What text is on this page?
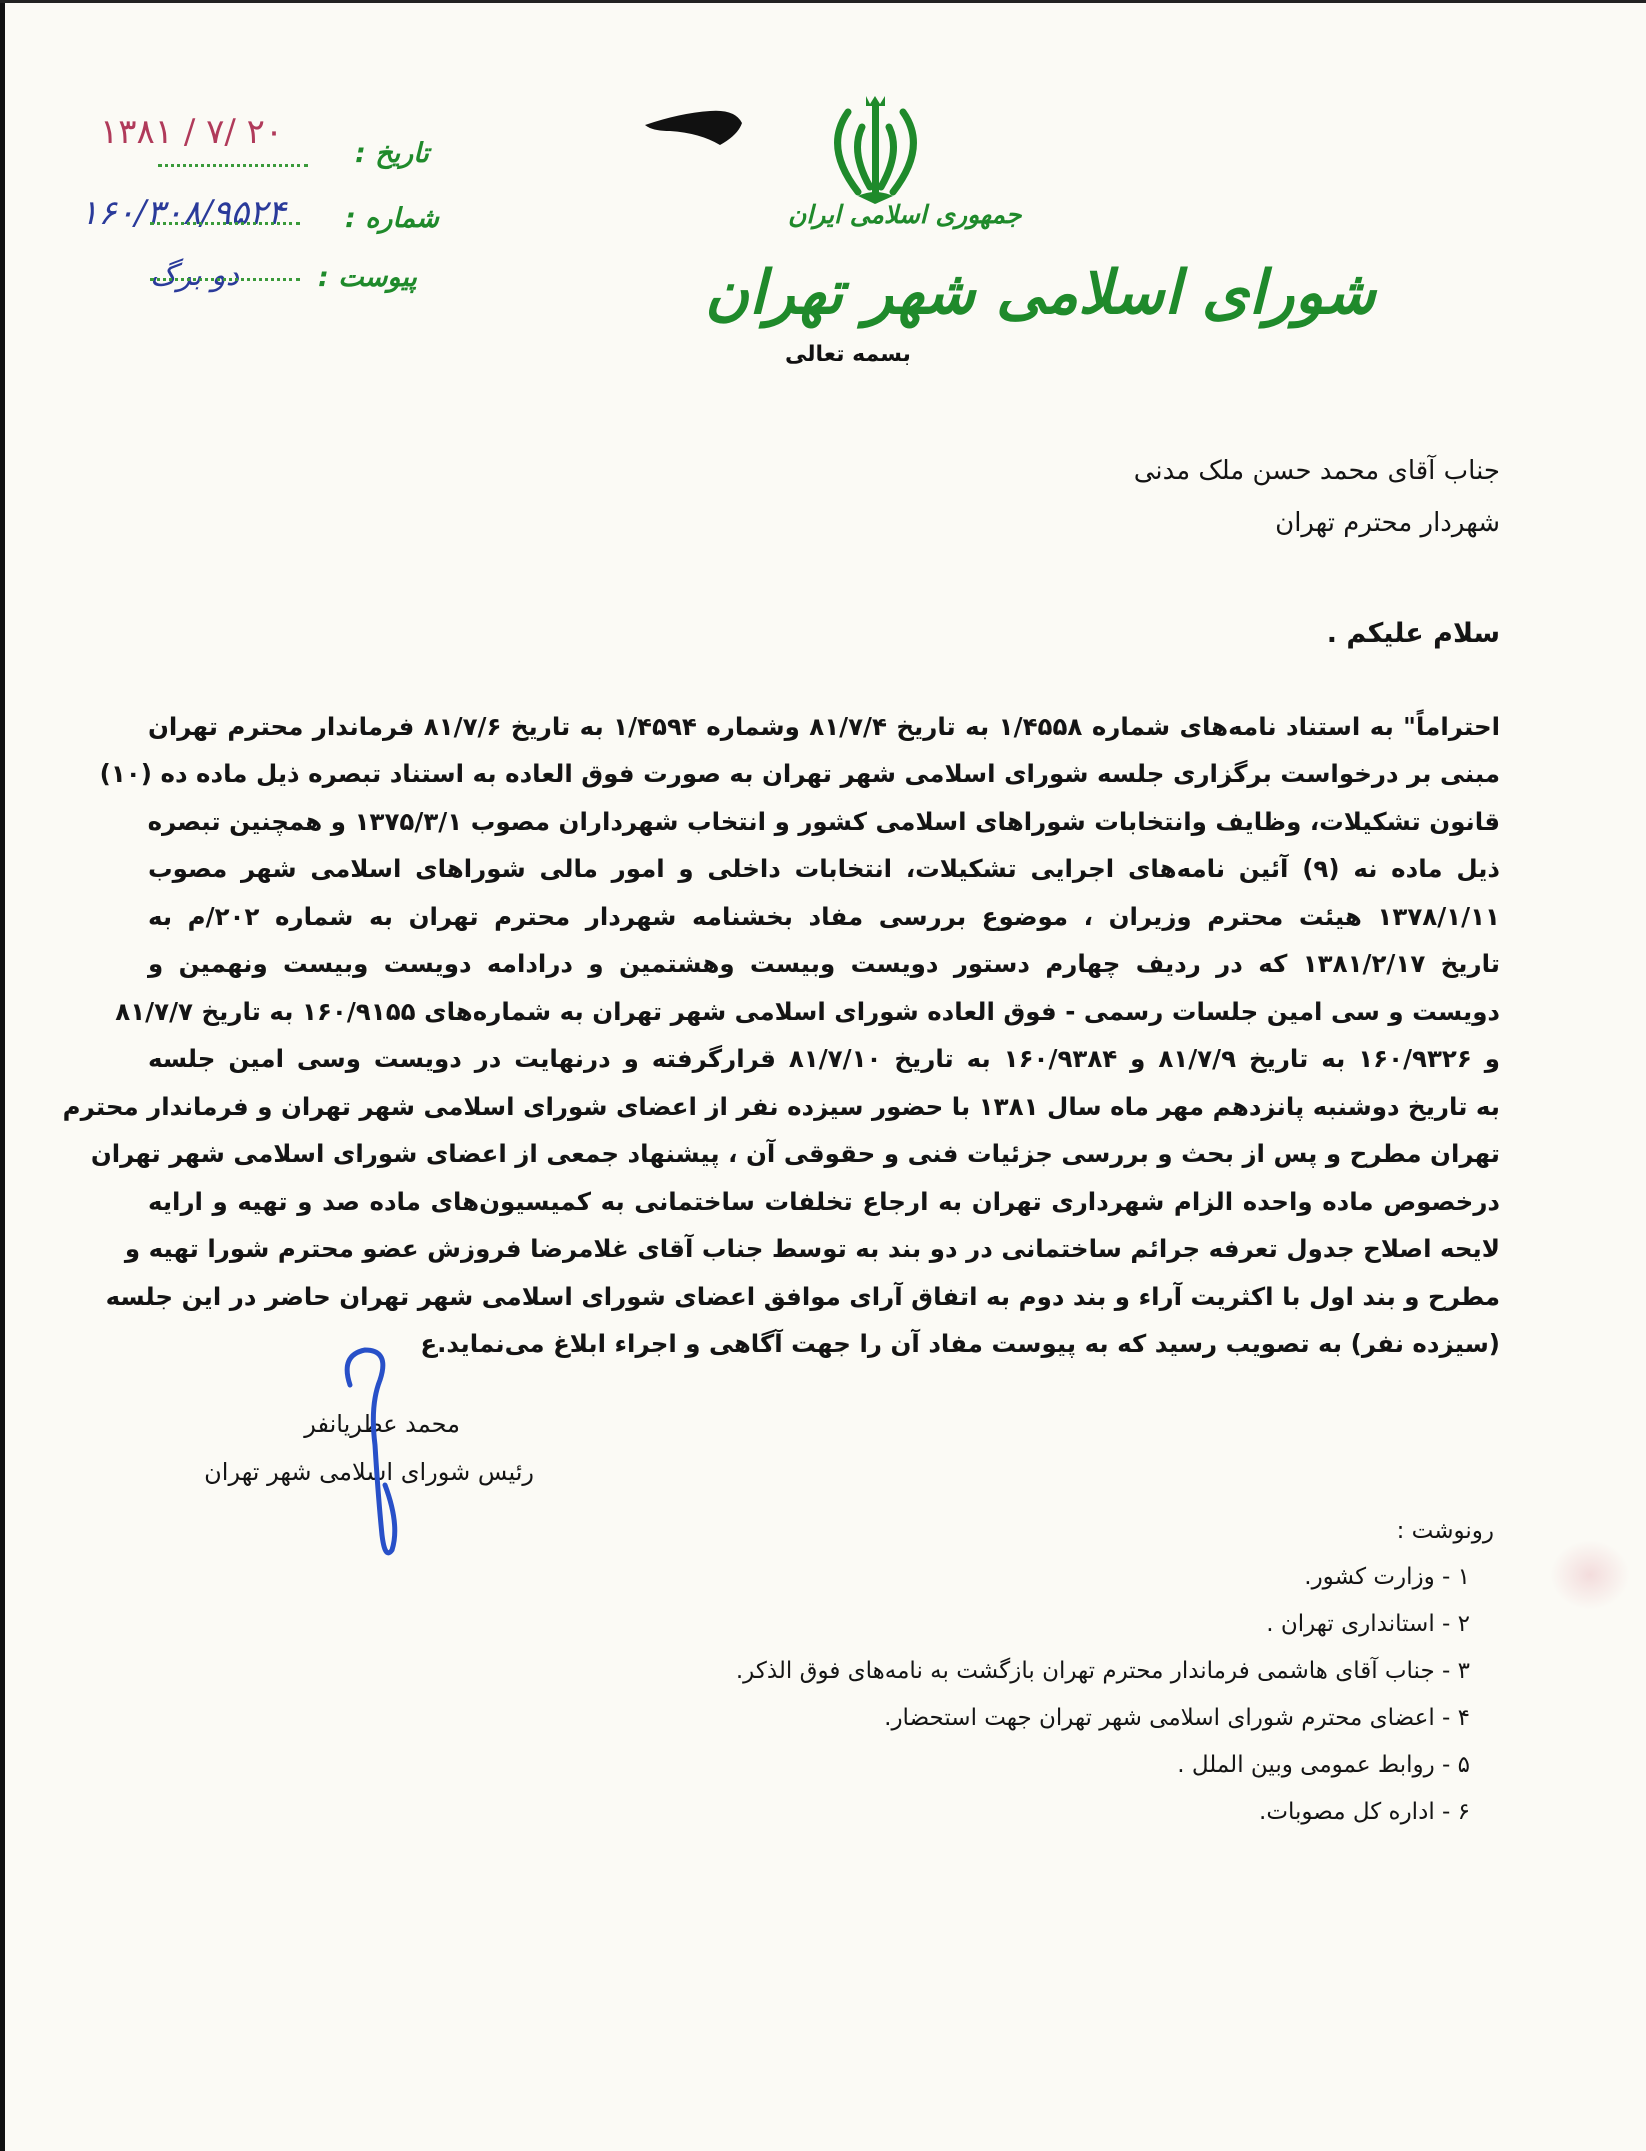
۱۳۸۱ / ۷/ ۲۰
تاریخ :
۱۶۰/۳۰۸/۹۵۲۴ شماره :
دو برگ	پیوست :
جمهوری اسلامی ایران
شورای اسلامی شهر تهران
بسمه تعالی
جناب آقای محمد حسن ملک مدنی
شهردار محترم تهران
سلام علیکم .
احتراماً" به استناد نامه‌های شماره ۱/۴۵۵۸ به تاریخ ۸۱/۷/۴ وشماره ۱/۴۵۹۴ به تاریخ ۸۱/۷/۶ فرماندار محترم تهران
مبنی بر درخواست برگزاری جلسه شورای اسلامی شهر تهران به صورت فوق العاده به استناد تبصره ذیل ماده ده (۱۰)
قانون تشکیلات، وظایف وانتخابات شوراهای اسلامی کشور و انتخاب شهرداران مصوب ۱۳۷۵/۳/۱ و همچنین تبصره
ذیل ماده نه (۹) آئین نامه‌های اجرایی تشکیلات، انتخابات داخلی و امور مالی شوراهای اسلامی شهر مصوب
۱۳۷۸/۱/۱۱ هیئت محترم وزیران ، موضوع بررسی مفاد بخشنامه شهردار محترم تهران به شماره ۲۰۲/م به
تاریخ ۱۳۸۱/۲/۱۷ که در ردیف چهارم دستور دویست وبیست وهشتمین و درادامه دویست وبیست ونهمین و
دویست و سی امین جلسات رسمی - فوق العاده شورای اسلامی شهر تهران به شماره‌های ۱۶۰/۹۱۵۵ به تاریخ ۸۱/۷/۷
و ۱۶۰/۹۳۲۶ به تاریخ ۸۱/۷/۹ و ۱۶۰/۹۳۸۴ به تاریخ ۸۱/۷/۱۰ قرارگرفته و درنهایت در دویست وسی امین جلسه
به تاریخ دوشنبه پانزدهم مهر ماه سال ۱۳۸۱ با حضور سیزده نفر از اعضای شورای اسلامی شهر تهران و فرماندار محترم
تهران مطرح و پس از بحث و بررسی جزئیات فنی و حقوقی آن ، پیشنهاد جمعی از اعضای شورای اسلامی شهر تهران
درخصوص ماده واحده الزام شهرداری تهران به ارجاع تخلفات ساختمانی به کمیسیون‌های ماده صد و تهیه و ارایه
لایحه اصلاح جدول تعرفه جرائم ساختمانی در دو بند به توسط جناب آقای غلامرضا فروزش عضو محترم شورا تهیه و
مطرح و بند اول با اکثریت آراء و بند دوم به اتفاق آرای موافق اعضای شورای اسلامی شهر تهران حاضر در این جلسه
(سیزده نفر) به تصویب رسید که به پیوست مفاد آن را جهت آگاهی و اجراء ابلاغ می‌نماید.ع
محمد عطریانفر
رئیس شورای اسلامی شهر تهران
رونوشت :
۱ - وزارت کشور.
۲ - استانداری تهران .
۳ - جناب آقای هاشمی فرماندار محترم تهران بازگشت به نامه‌های فوق الذکر.
۴ - اعضای محترم شورای اسلامی شهر تهران جهت استحضار.
۵ - روابط عمومی وبین الملل .
۶ - اداره کل مصوبات.
